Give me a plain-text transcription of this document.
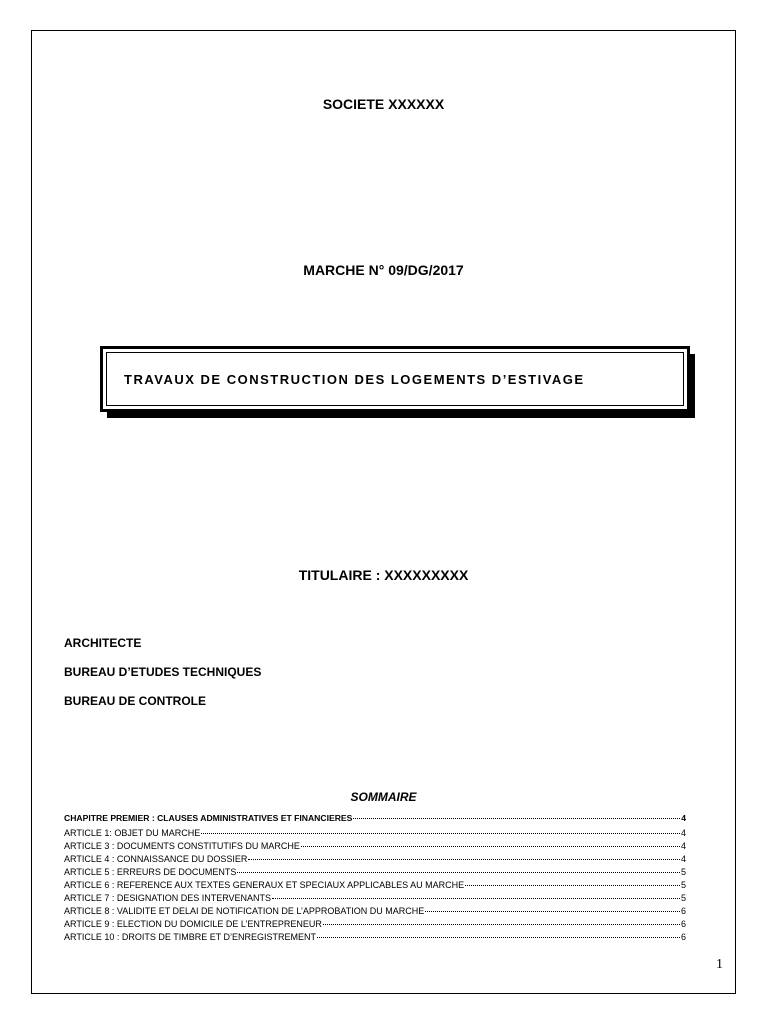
SOCIETE XXXXXX
MARCHE N° 09/DG/2017
TRAVAUX DE CONSTRUCTION DES LOGEMENTS D’ESTIVAGE
TITULAIRE : XXXXXXXXX
ARCHITECTE
BUREAU D’ETUDES TECHNIQUES
BUREAU DE CONTROLE
SOMMAIRE
CHAPITRE PREMIER : CLAUSES ADMINISTRATIVES ET FINANCIERES	4
ARTICLE 1: OBJET DU MARCHE	4
ARTICLE 3 : DOCUMENTS CONSTITUTIFS DU MARCHE	4
ARTICLE 4 : CONNAISSANCE DU DOSSIER	4
ARTICLE 5 : ERREURS DE DOCUMENTS	5
ARTICLE 6 : REFERENCE AUX TEXTES GENERAUX ET SPECIAUX APPLICABLES AU MARCHE	5
ARTICLE 7 : DESIGNATION DES INTERVENANTS	5
ARTICLE 8 : VALIDITE ET DELAI DE NOTIFICATION DE L’APPROBATION DU MARCHE	6
ARTICLE 9 : ELECTION DU DOMICILE DE L’ENTREPRENEUR	6
ARTICLE 10 : DROITS DE TIMBRE ET D’ENREGISTREMENT	6
1
